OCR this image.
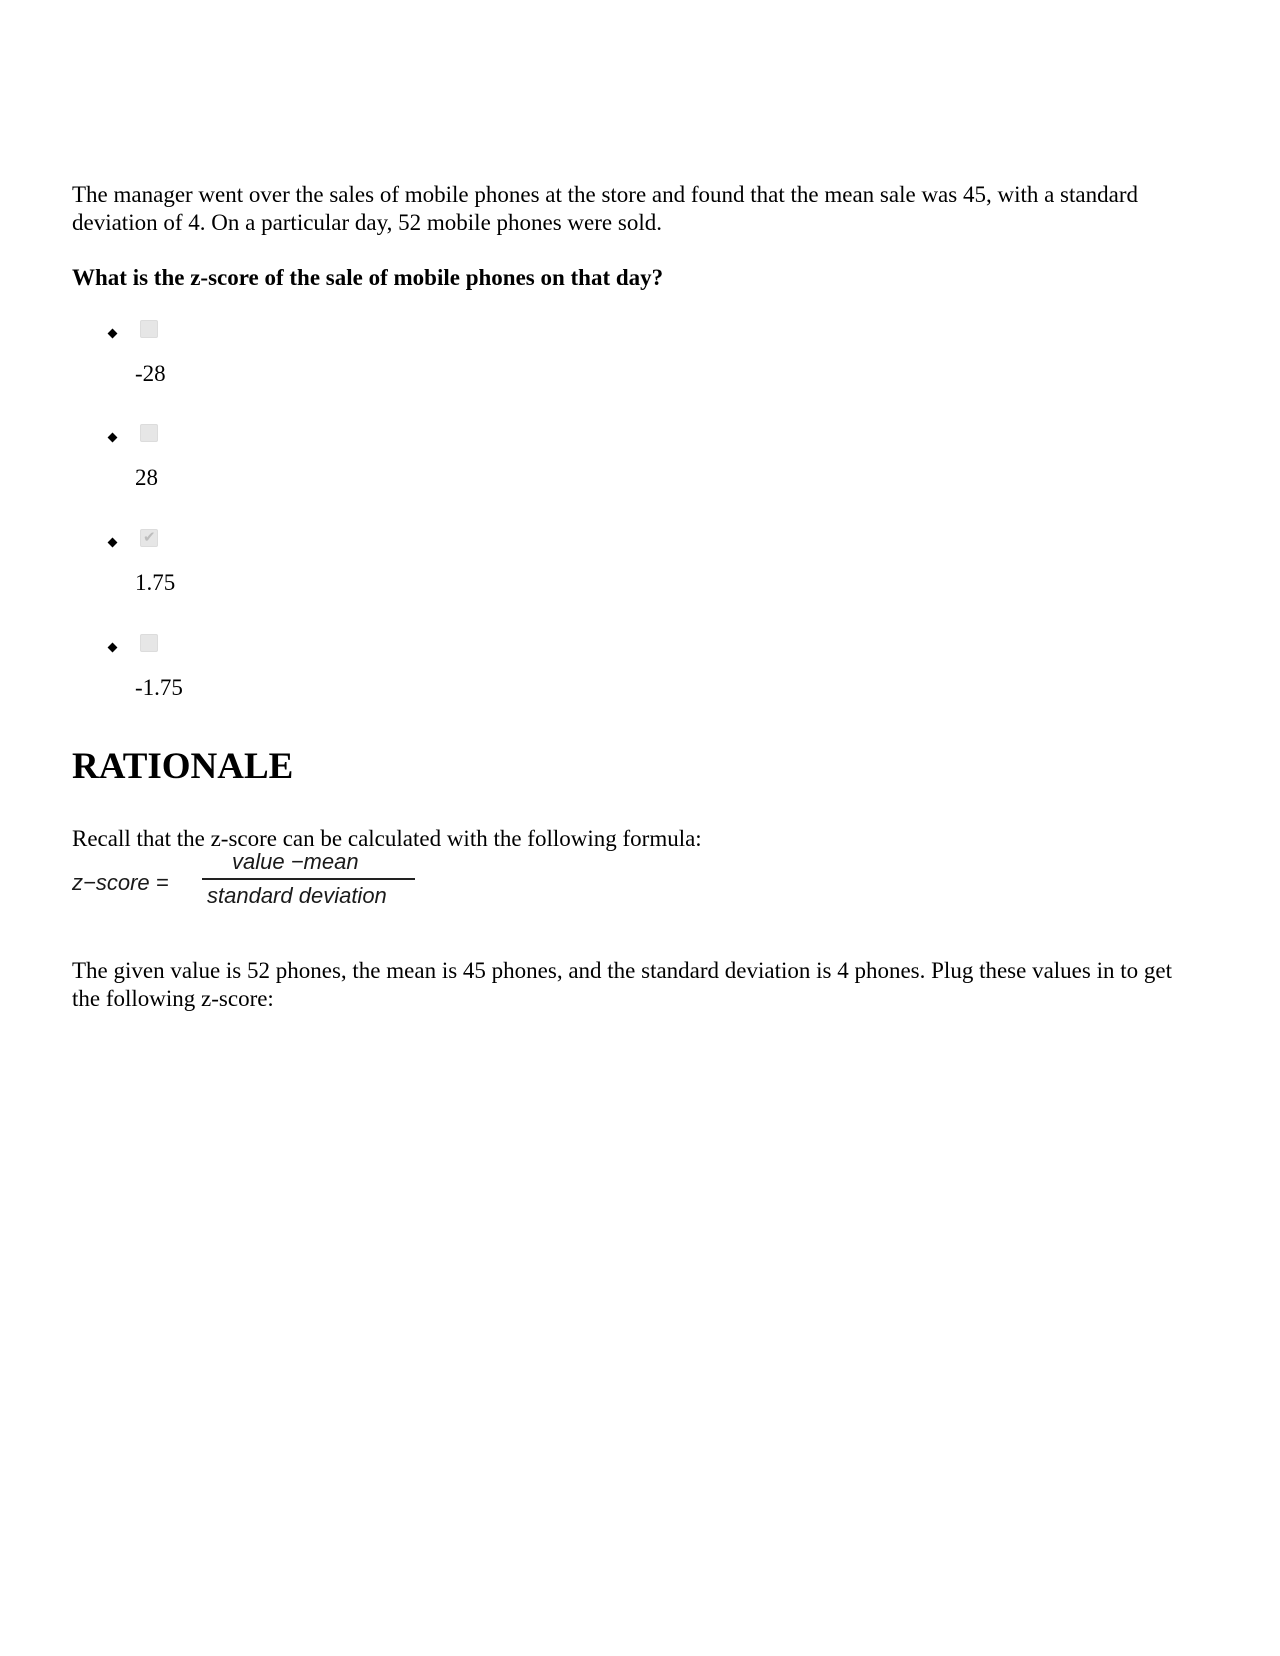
The manager went over the sales of mobile phones at the store and found that the mean sale was 45, with a standard deviation of 4. On a particular day, 52 mobile phones were sold.

What is the z-score of the sale of mobile phones on that day?

-28
28
✔
1.75
-1.75
RATIONALE

Recall that the z-score can be calculated with the following formula:

z−score =
value −mean
standard deviation

The given value is 52 phones, the mean is 45 phones, and the standard deviation is 4 phones. Plug these values in to get the following z-score:
